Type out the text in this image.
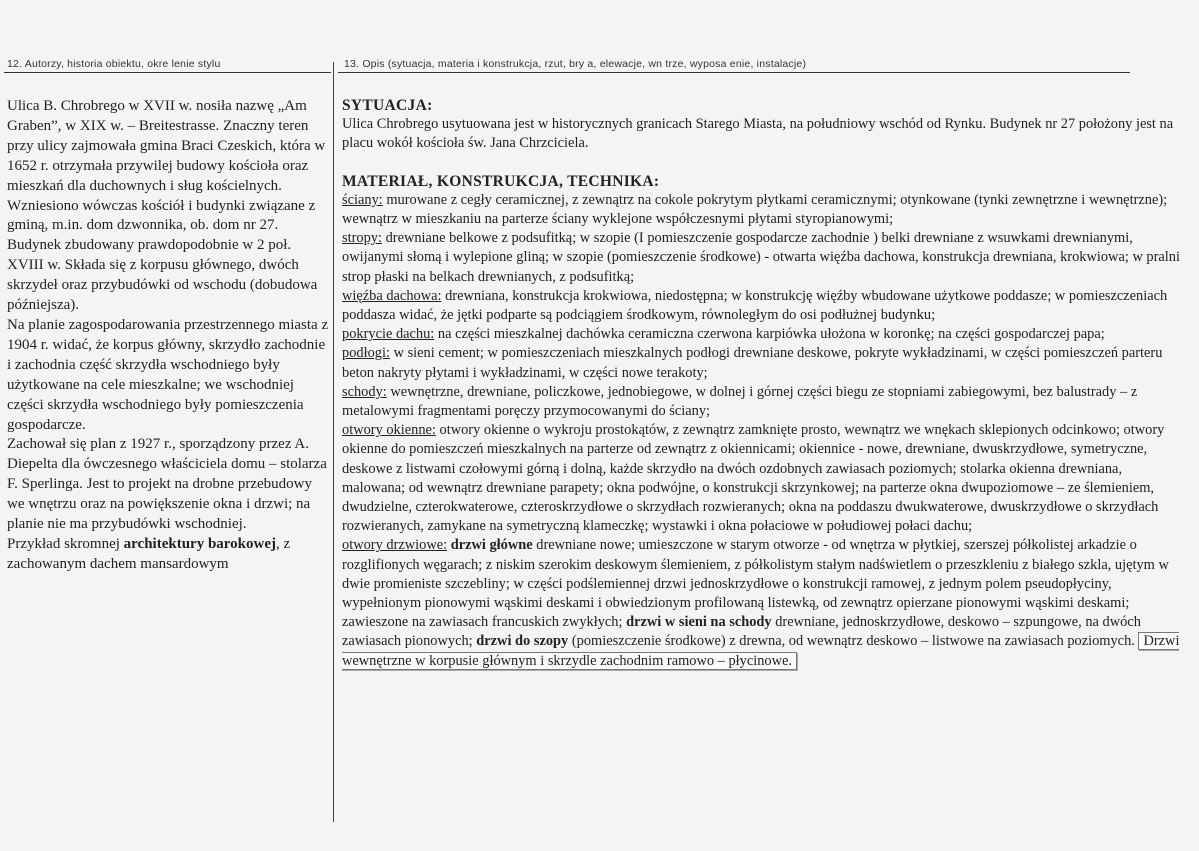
12. Autorzy, historia obiektu, okre lenie stylu	13. Opis (sytuacja, materia i konstrukcja, rzut, bry a, elewacje, wn trze, wyposa enie, instalacje)

Ulica B. Chrobrego w XVII w. nosiła nazwę „Am Graben”, w XIX w. – Breitestrasse. Znaczny teren przy ulicy zajmowała gmina Braci Czeskich, która w 1652 r. otrzymała przywilej budowy kościoła oraz mieszkań dla duchownych i sług kościelnych. Wzniesiono wówczas kościół i budynki związane z gminą, m.in. dom dzwonnika, ob. dom nr 27.

Budynek zbudowany prawdopodobnie w 2 poł. XVIII w. Składa się z korpusu głównego, dwóch skrzydeł oraz przybudówki od wschodu (dobudowa późniejsza).

Na planie zagospodarowania przestrzennego miasta z 1904 r. widać, że korpus główny, skrzydło zachodnie i zachodnia część skrzydła wschodniego były użytkowane na cele mieszkalne; we wschodniej części skrzydła wschodniego były pomieszczenia gospodarcze.

Zachował się plan z 1927 r., sporządzony przez A. Diepelta dla ówczesnego właściciela domu – stolarza F. Sperlinga. Jest to projekt na drobne przebudowy we wnętrzu oraz na powiększenie okna i drzwi; na planie nie ma przybudówki wschodniej.

Przykład skromnej architektury barokowej, z zachowanym dachem mansardowym

SYTUACJA:

Ulica Chrobrego usytuowana jest w historycznych granicach Starego Miasta, na południowy wschód od Rynku. Budynek nr 27 położony jest na placu wokół kościoła św. Jana Chrzciciela.

MATERIAŁ, KONSTRUKCJA, TECHNIKA:

ściany: murowane z cegły ceramicznej, z zewnątrz na cokole pokrytym płytkami ceramicznymi; otynkowane (tynki zewnętrzne i wewnętrzne); wewnątrz w mieszkaniu na parterze ściany wyklejone współczesnymi płytami styropianowymi;

stropy: drewniane belkowe z podsufitką; w szopie (I pomieszczenie gospodarcze zachodnie ) belki drewniane z wsuwkami drewnianymi, owijanymi słomą i wylepione gliną; w szopie (pomieszczenie środkowe) - otwarta więźba dachowa, konstrukcja drewniana, krokwiowa; w pralni strop płaski na belkach drewnianych, z podsufitką;

więźba dachowa: drewniana, konstrukcja krokwiowa, niedostępna; w konstrukcję więźby wbudowane użytkowe poddasze; w pomieszczeniach poddasza widać, że jętki podparte są podciągiem środkowym, równoległym do osi podłużnej budynku;

pokrycie dachu: na części mieszkalnej dachówka ceramiczna czerwona karpiówka ułożona w koronkę; na części gospodarczej papa;

podłogi: w sieni cement; w pomieszczeniach mieszkalnych podłogi drewniane deskowe, pokryte wykładzinami, w części pomieszczeń parteru beton nakryty płytami i wykładzinami, w części nowe terakoty;

schody: wewnętrzne, drewniane, policzkowe, jednobiegowe, w dolnej i górnej części biegu ze stopniami zabiegowymi, bez balustrady – z metalowymi fragmentami poręczy przymocowanymi do ściany;

otwory okienne: otwory okienne o wykroju prostokątów, z zewnątrz zamknięte prosto, wewnątrz we wnękach sklepionych odcinkowo; otwory okienne do pomieszczeń mieszkalnych na parterze od zewnątrz z okiennicami; okiennice - nowe, drewniane, dwuskrzydłowe, symetryczne, deskowe z listwami czołowymi górną i dolną, każde skrzydło na dwóch ozdobnych zawiasach poziomych; stolarka okienna drewniana, malowana; od wewnątrz drewniane parapety; okna podwójne, o konstrukcji skrzynkowej; na parterze okna dwupoziomowe – ze ślemieniem, dwudzielne, czterokwaterowe, czteroskrzydłowe o skrzydłach rozwieranych; okna na poddaszu dwukwaterowe, dwuskrzydłowe o skrzydłach rozwieranych, zamykane na symetryczną klameczkę; wystawki i okna połaciowe w połudiowej połaci dachu;

otwory drzwiowe: drzwi główne drewniane nowe; umieszczone w starym otworze - od wnętrza w płytkiej, szerszej półkolistej arkadzie o rozglifionych węgarach; z niskim szerokim deskowym ślemieniem, z półkolistym stałym nadświetlem o przeszkleniu z białego szkla, ujętym w dwie promieniste szczebliny; w części podślemiennej drzwi jednoskrzydłowe o konstrukcji ramowej, z jednym polem pseudopłyciny, wypełnionym pionowymi wąskimi deskami i obwiedzionym profilowaną listewką, od zewnątrz opierzane pionowymi wąskimi deskami; zawieszone na zawiasach francuskich zwykłych; drzwi w sieni na schody drewniane, jednoskrzydłowe, deskowo – szpungowe, na dwóch zawiasach pionowych; drzwi do szopy (pomieszczenie środkowe) z drewna, od wewnątrz deskowo – listwowe na zawiasach poziomych. Drzwi wewnętrzne w korpusie głównym i skrzydle zachodnim ramowo – płycinowe.
